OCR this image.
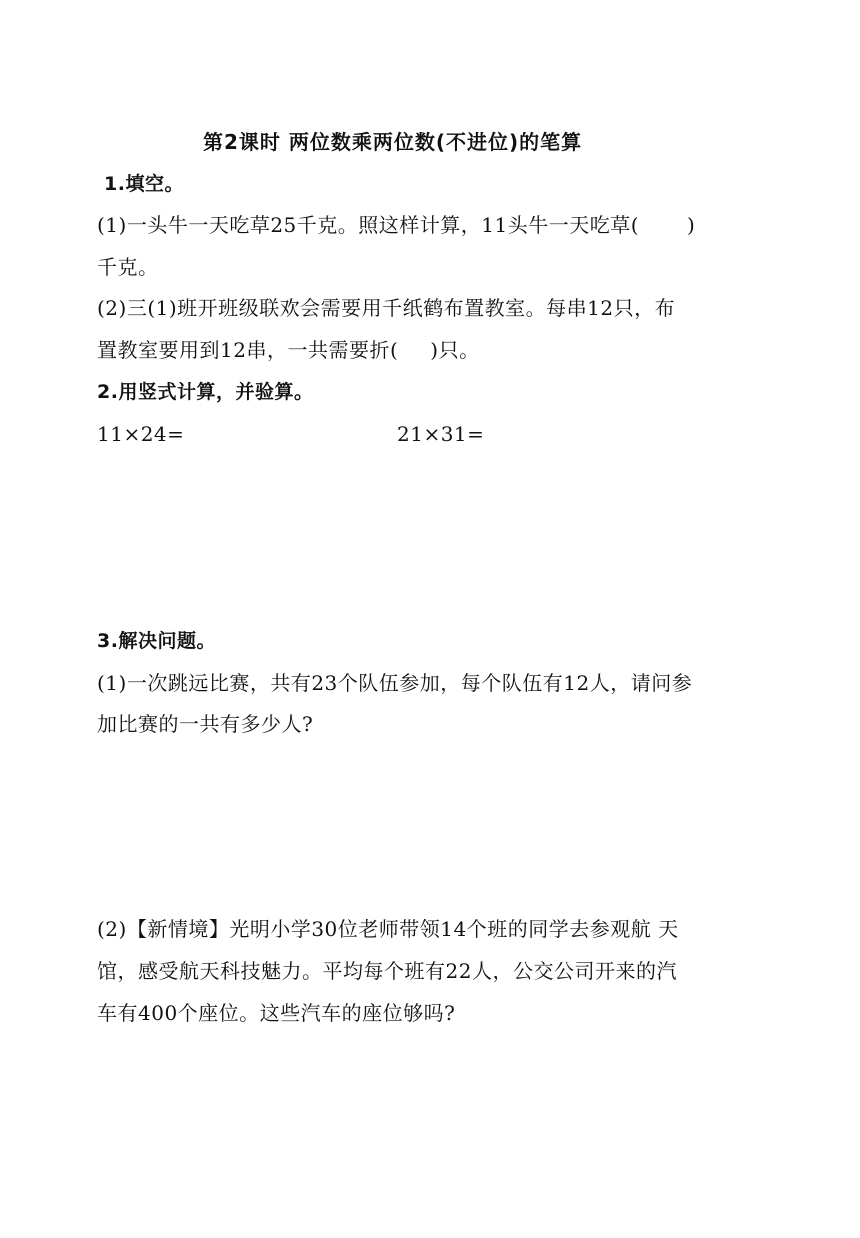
第2课时 两位数乘两位数(不进位)的笔算
1.填空。
(1)一头牛一天吃草25千克。照这样计算，11头牛一天吃草( )
千克。
(2)三(1)班开班级联欢会需要用千纸鹤布置教室。每串12只，布
置教室要用到12串，一共需要折( )只。
2.用竖式计算，并验算。
11×24=	21×31=
3.解决问题。
(1)一次跳远比赛，共有23个队伍参加，每个队伍有12人，请问参
加比赛的一共有多少人?
(2)【新情境】光明小学30位老师带领14个班的同学去参观航 天
馆，感受航天科技魅力。平均每个班有22人，公交公司开来的汽
车有400个座位。这些汽车的座位够吗?
